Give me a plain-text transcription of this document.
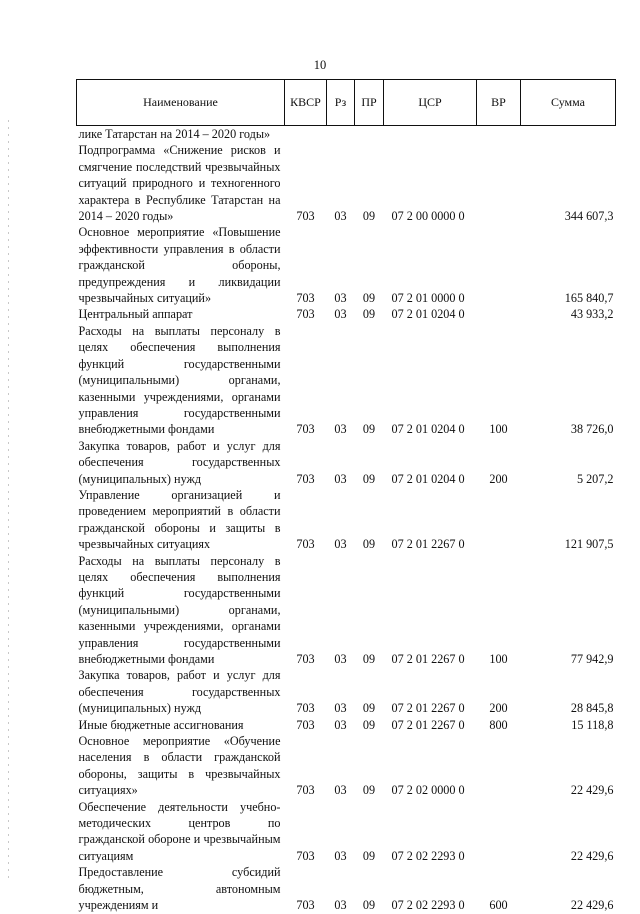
10
Наименование	КВСР	Рз	ПР	ЦСР	ВР	Сумма
лике Татарстан на 2014 – 2020 годы»						
Подпрограмма «Снижение рисков и смягчение последствий чрезвычайных ситуаций природного и техногенного характера в Республике Татарстан на 2014 – 2020 годы»	703	03	09	07 2 00 0000 0		344 607,3
Основное мероприятие «Повышение эффективности управления в области гражданской обороны, предупреждения и ликвидации чрезвычайных ситуаций»	703	03	09	07 2 01 0000 0		165 840,7
Центральный аппарат	703	03	09	07 2 01 0204 0		43 933,2
Расходы на выплаты персоналу в целях обеспечения выполнения функций государственными (муниципальными) органами, казенными учреждениями, органами управления государственными внебюджетными фондами	703	03	09	07 2 01 0204 0	100	38 726,0
Закупка товаров, работ и услуг для обеспечения государственных (муниципальных) нужд	703	03	09	07 2 01 0204 0	200	5 207,2
Управление организацией и проведением мероприятий в области гражданской обороны и защиты в чрезвычайных ситуациях	703	03	09	07 2 01 2267 0		121 907,5
Расходы на выплаты персоналу в целях обеспечения выполнения функций государственными (муниципальными) органами, казенными учреждениями, органами управления государственными внебюджетными фондами	703	03	09	07 2 01 2267 0	100	77 942,9
Закупка товаров, работ и услуг для обеспечения государственных (муниципальных) нужд	703	03	09	07 2 01 2267 0	200	28 845,8
Иные бюджетные ассигнования	703	03	09	07 2 01 2267 0	800	15 118,8
Основное мероприятие «Обучение населения в области гражданской обороны, защиты в чрезвычайных ситуациях»	703	03	09	07 2 02 0000 0		22 429,6
Обеспечение деятельности учебно-методических центров по гражданской обороне и чрезвычайным ситуациям	703	03	09	07 2 02 2293 0		22 429,6
Предоставление субсидий бюджетным, автономным учреждениям и	703	03	09	07 2 02 2293 0	600	22 429,6
